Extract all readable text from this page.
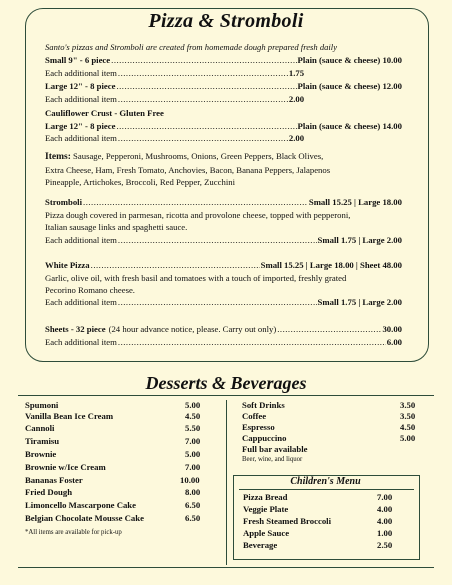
Pizza & Stromboli
Santo's pizzas and Stromboli are created from homemade dough prepared fresh daily
Small 9" - 6 piece .....	Plain (sauce & cheese) 10.00
Each additional item .....	1.75
Large 12" - 8 piece .....	Plain (sauce & cheese) 12.00
Each additional item .....	2.00
Cauliflower Crust - Gluten Free
Large 12" - 8 piece .....	Plain (sauce & cheese) 14.00
Each additional item .....	2.00
Items: Sausage, Pepperoni, Mushrooms, Onions, Green Peppers, Black Olives,
Extra Cheese, Ham, Fresh Tomato, Anchovies, Bacon, Banana Peppers, Jalapenos
Pineapple, Artichokes, Broccoli, Red Pepper, Zucchini
Stromboli .....	Small 15.25 | Large 18.00
Pizza dough covered in parmesan, ricotta and provolone cheese, topped with pepperoni,
Italian sausage links and spaghetti sauce.
Each additional item .....	Small 1.75 | Large 2.00
White Pizza .....	Small 15.25 | Large 18.00 | Sheet 48.00
Garlic, olive oil, with fresh basil and tomatoes with a touch of imported, freshly grated
Pecorino Romano cheese.
Each additional item .....	Small 1.75 | Large 2.00
Sheets - 32 piece (24 hour advance notice, please. Carry out only) .....	30.00
Each additional item .....	6.00
Desserts & Beverages
Spumoni	5.00
Vanilla Bean Ice Cream	4.50
Cannoli	5.50
Tiramisu	7.00
Brownie	5.00
Brownie w/Ice Cream	7.00
Bananas Foster	10.00
Fried Dough	8.00
Limoncello Mascarpone Cake	6.50
Belgian Chocolate Mousse Cake	6.50
*All items are available for pick-up
Soft Drinks	3.50
Coffee	3.50
Espresso	4.50
Cappuccino	5.00
Full bar available
Beer, wine, and liquor
Children's Menu
Pizza Bread	7.00
Veggie Plate	4.00
Fresh Steamed Broccoli	4.00
Apple Sauce	1.00
Beverage	2.50
